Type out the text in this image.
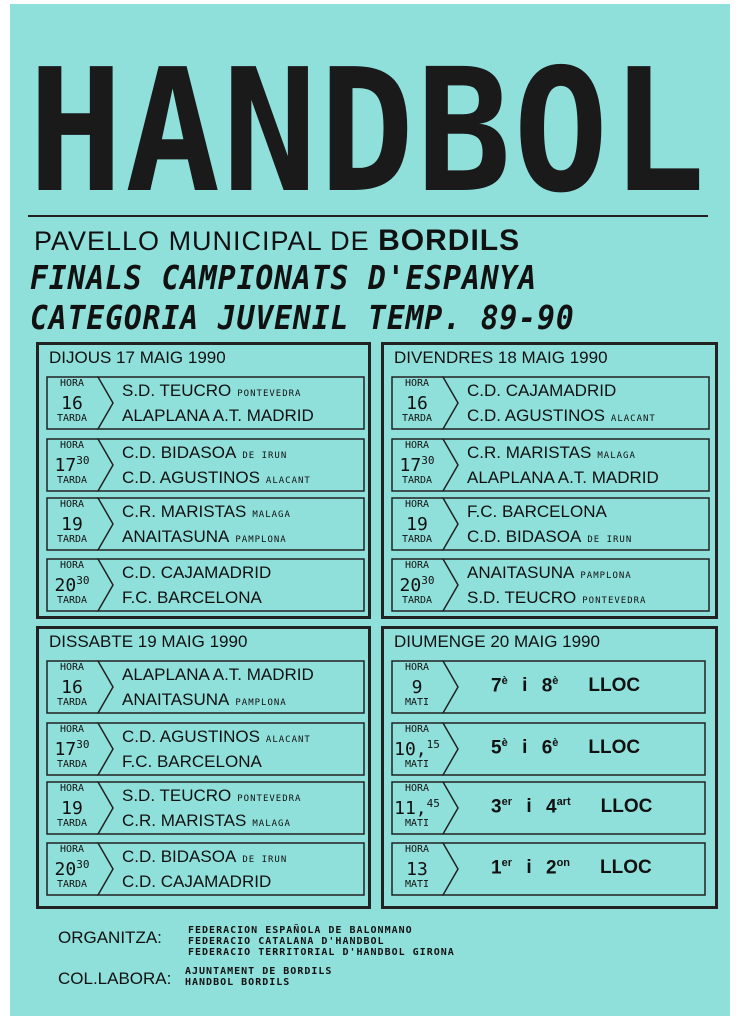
HANDBOL
PAVELLO MUNICIPAL DE BORDILS
FINALS CAMPIONATS D'ESPANYA
CATEGORIA JUVENIL TEMP. 89-90
DIJOUS 17 MAIG 1990
HORA
16
TARDA
S.D. TEUCRO PONTEVEDRA
ALAPLANA A.T. MADRID
HORA
$17^{30}$
TARDA
C.D. BIDASOA DE IRUN
C.D. AGUSTINOS ALACANT
HORA
19
TARDA
C.R. MARISTAS MALAGA
ANAITASUNA PAMPLONA
HORA
$20^{30}$
TARDA
C.D. CAJAMADRID
F.C. BARCELONA
DIVENDRES 18 MAIG 1990
HORA
16
TARDA
C.D. CAJAMADRID
C.D. AGUSTINOS ALACANT
HORA
$17^{30}$
TARDA
C.R. MARISTAS MALAGA
ALAPLANA A.T. MADRID
HORA
19
TARDA
F.C. BARCELONA
C.D. BIDASOA DE IRUN
HORA
$20^{30}$
TARDA
ANAITASUNA PAMPLONA
S.D. TEUCRO PONTEVEDRA
DISSABTE 19 MAIG 1990
HORA
16
TARDA
ALAPLANA A.T. MADRID
ANAITASUNA PAMPLONA
HORA
$17^{30}$
TARDA
C.D. AGUSTINOS ALACANT
F.C. BARCELONA
HORA
19
TARDA
S.D. TEUCRO PONTEVEDRA
C.R. MARISTAS MALAGA
HORA
$20^{30}$
TARDA
C.D. BIDASOA DE IRUN
C.D. CAJAMADRID
DIUMENGE 20 MAIG 1990
HORA
9
MATI
$7^è$ i $8^è$ LLOC
HORA
10,15
MATI
$5^è$ i $6^è$ LLOC
HORA
11,45
MATI
3er i $4^{art}$ LLOC
HORA
13
MATI
1er i $2^{on}$ LLOC
ORGANITZA:	FEDERACION ESPAÑOLA DE BALONMANO
FEDERACIO CATALANA D'HANDBOL
FEDERACIO TERRITORIAL D'HANDBOL GIRONA
COL.LABORA: AJUNTAMENT DE BORDILS
HANDBOL BORDILS
